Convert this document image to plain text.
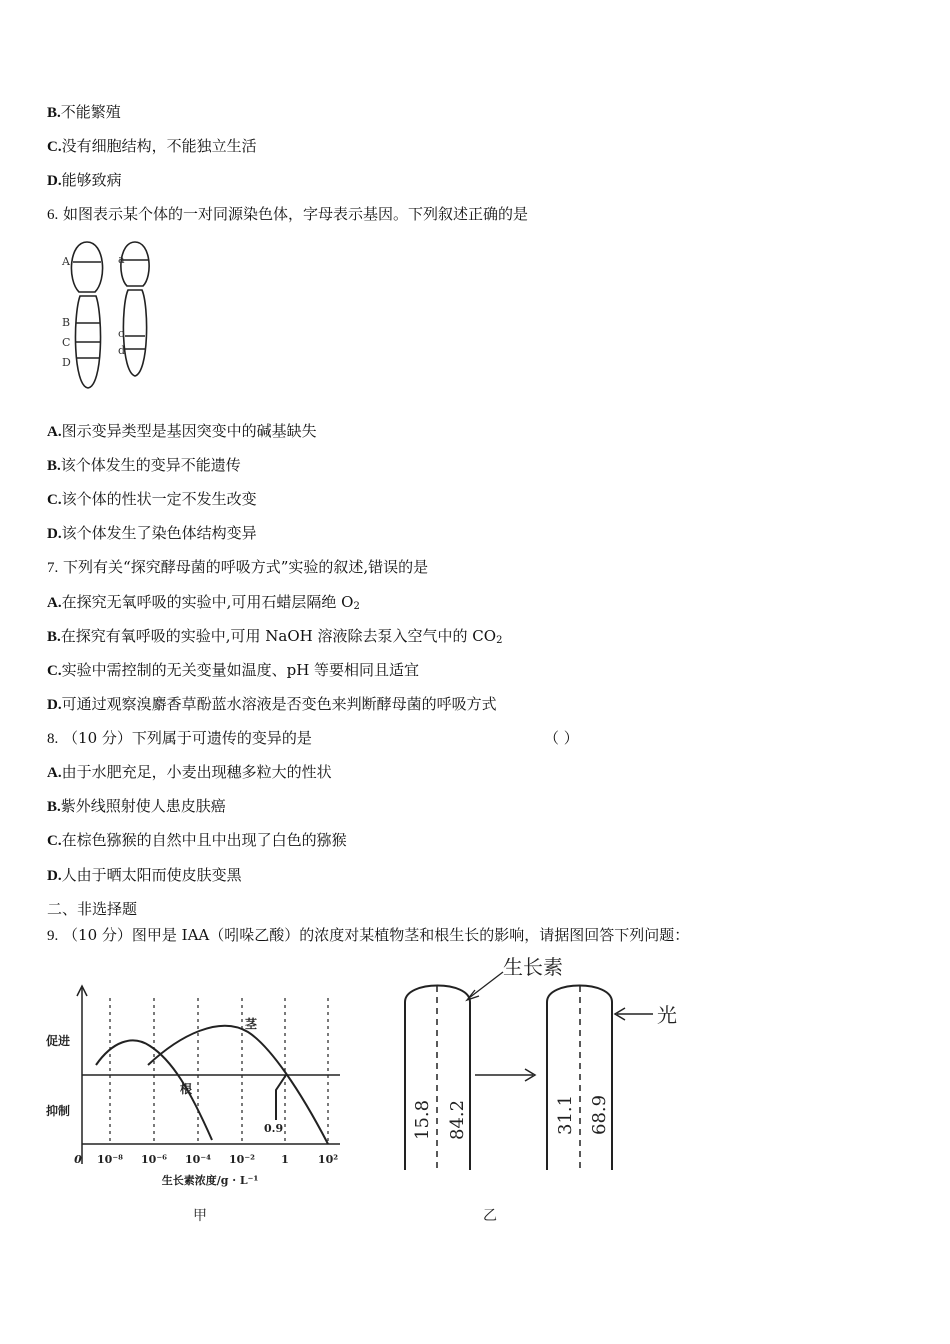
B.不能繁殖
C.没有细胞结构，不能独立生活
D.能够致病
6. 如图表示某个体的一对同源染色体，字母表示基因。下列叙述正确的是
A
B
C
D
a
c
d
A.图示变异类型是基因突变中的碱基缺失
B.该个体发生的变异不能遗传
C.该个体的性状一定不发生改变
D.该个体发生了染色体结构变异
7. 下列有关“探究酵母菌的呼吸方式”实验的叙述,错误的是
A.在探究无氧呼吸的实验中,可用石蜡层隔绝 $O_2$
B.在探究有氧呼吸的实验中,可用 NaOH 溶液除去泵入空气中的 $CO_2$
C.实验中需控制的无关变量如温度、pH 等要相同且适宜
D.可通过观察溴麝香草酚蓝水溶液是否变色来判断酵母菌的呼吸方式
8. （10 分）下列属于可遗传的变异的是	（ ）
A.由于水肥充足，小麦出现穗多粒大的性状
B.紫外线照射使人患皮肤癌
C.在棕色猕猴的自然中且中出现了白色的猕猴
D.人由于晒太阳而使皮肤变黑
二、非选择题
9. （10 分）图甲是 IAA（吲哚乙酸）的浓度对某植物茎和根生长的影响，请据图回答下列问题：
促进
抑制
茎
根
0.9
0 10⁻⁸ 10⁻⁶ 10⁻⁴ 10⁻² 1	10²
生长素浓度/g · L⁻¹
甲
生长素
光
15.8 84.2	31.1 68.9
乙
